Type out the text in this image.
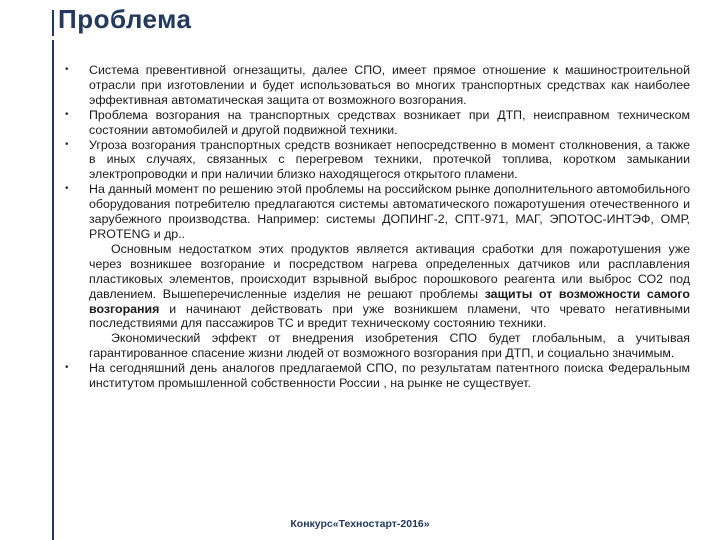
Проблема
• Система превентивной огнезащиты, далее СПО, имеет прямое отношение к машиностроительной отрасли при изготовлении и будет использоваться во многих транспортных средствах как наиболее эффективная автоматическая защита от возможного возгорания.
• Проблема возгорания на транспортных средствах возникает при ДТП, неисправном техническом состоянии автомобилей и другой подвижной техники.
• Угроза возгорания транспортных средств возникает непосредственно в момент столкновения, а также в иных случаях, связанных с перегревом техники, протечкой топлива, коротком замыкании электропроводки и при наличии близко находящегося открытого пламени.
• На данный момент по решению этой проблемы на российском рынке дополнительного автомобильного оборудования потребителю предлагаются системы автоматического пожаротушения отечественного и зарубежного производства. Например: системы ДОПИНГ-2, СПТ-971, МАГ, ЭПОТОС-ИНТЭФ, ОМР, PROTENG и др..
Основным недостатком этих продуктов является активация сработки для пожаротушения уже через возникшее возгорание и посредством нагрева определенных датчиков или расплавления пластиковых элементов, происходит взрывной выброс порошкового реагента или выброс СО2 под давлением. Вышеперечисленные изделия не решают проблемы защиты от возможности самого возгорания и начинают действовать при уже возникшем пламени, что чревато негативными последствиями для пассажиров ТС и вредит техническому состоянию техники.
Экономический эффект от внедрения изобретения СПО будет глобальным, а учитывая гарантированное спасение жизни людей от возможного возгорания при ДТП, и социально значимым.
• На сегодняшний день аналогов предлагаемой СПО, по результатам патентного поиска Федеральным институтом промышленной собственности России , на рынке не существует.
Конкурс«Техностарт-2016»
